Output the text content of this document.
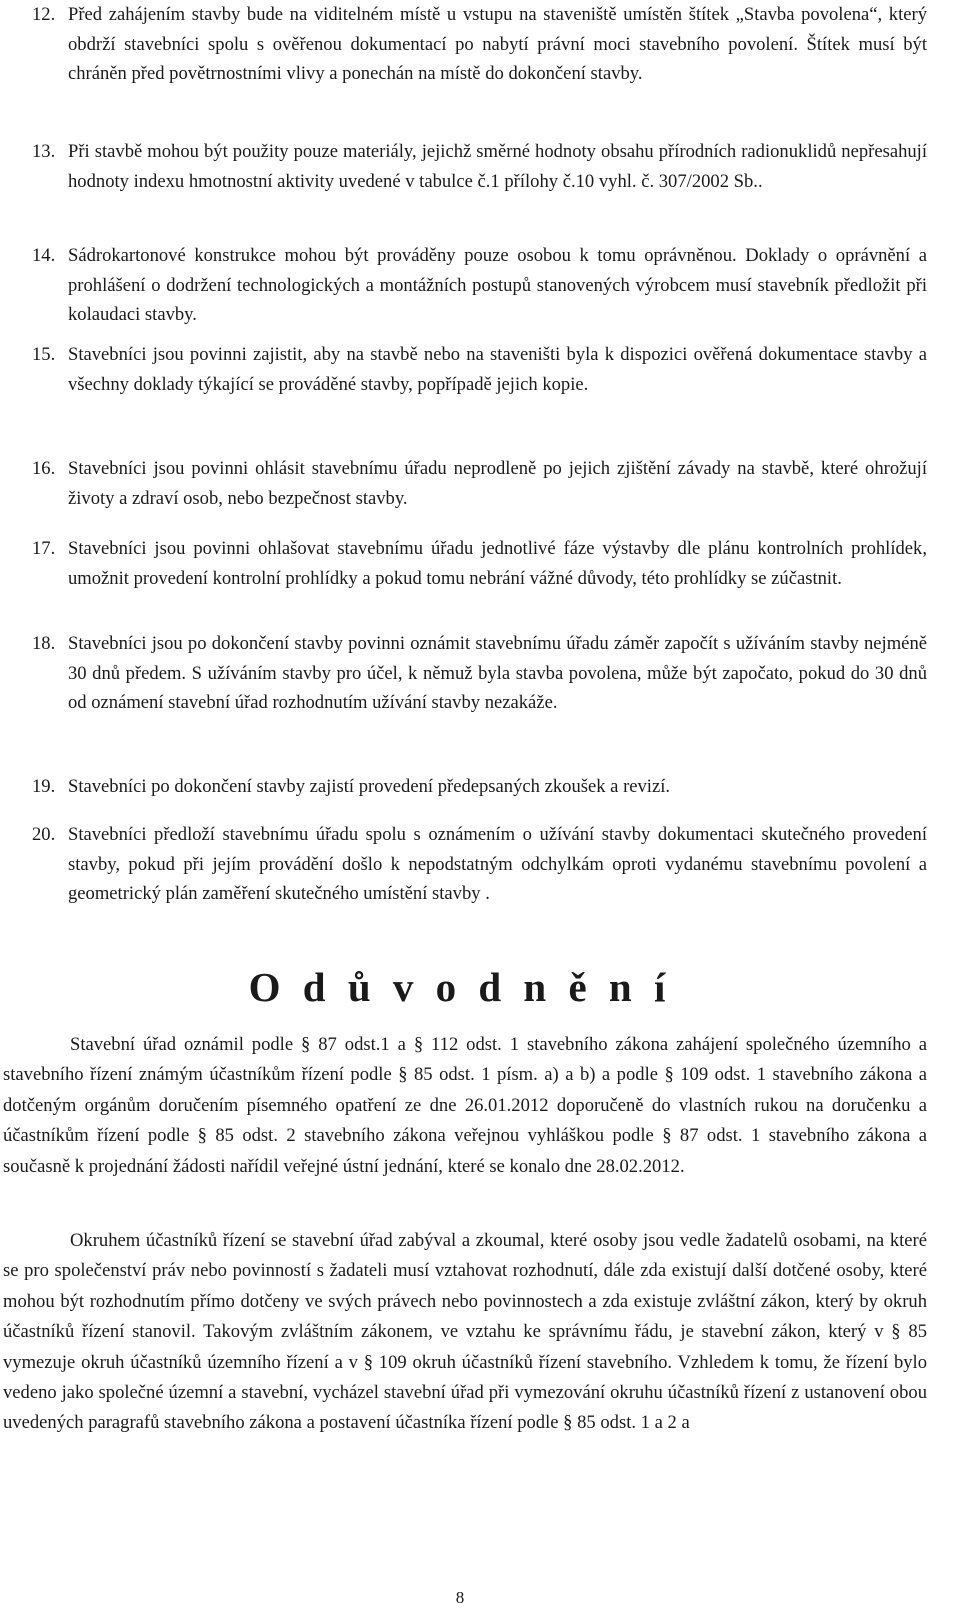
12. Před zahájením stavby bude na viditelném místě u vstupu na staveniště umístěn štítek „Stavba povolena“, který obdrží stavebníci spolu s ověřenou dokumentací po nabytí právní moci stavebního povolení. Štítek musí být chráněn před povětrnostními vlivy a ponechán na místě do dokončení stavby.
13. Při stavbě mohou být použity pouze materiály, jejichž směrné hodnoty obsahu přírodních radionuklidů nepřesahují hodnoty indexu hmotnostní aktivity uvedené v tabulce č.1 přílohy č.10 vyhl. č. 307/2002 Sb..
14. Sádrokartonové konstrukce mohou být prováděny pouze osobou k tomu oprávněnou. Doklady o oprávnění a prohlášení o dodržení technologických a montážních postupů stanovených výrobcem musí stavebník předložit při kolaudaci stavby.
15. Stavebníci jsou povinni zajistit, aby na stavbě nebo na staveništi byla k dispozici ověřená dokumentace stavby a všechny doklady týkající se prováděné stavby, popřípadě jejich kopie.
16. Stavebníci jsou povinni ohlásit stavebnímu úřadu neprodleně po jejich zjištění závady na stavbě, které ohrožují životy a zdraví osob, nebo bezpečnost stavby.
17. Stavebníci jsou povinni ohlašovat stavebnímu úřadu jednotlivé fáze výstavby dle plánu kontrolních prohlídek, umožnit provedení kontrolní prohlídky a pokud tomu nebrání vážné důvody, této prohlídky se zúčastnit.
18. Stavebníci jsou po dokončení stavby povinni oznámit stavebnímu úřadu záměr započít s užíváním stavby nejméně 30 dnů předem. S užíváním stavby pro účel, k němuž byla stavba povolena, může být započato, pokud do 30 dnů od oznámení stavební úřad rozhodnutím užívání stavby nezakáže.
19. Stavebníci po dokončení stavby zajistí provedení předepsaných zkoušek a revizí.
20. Stavebníci předloží stavebnímu úřadu spolu s oznámením o užívání stavby dokumentaci skutečného provedení stavby, pokud při jejím provádění došlo k nepodstatným odchylkám oproti vydanému stavebnímu povolení a geometrický plán zaměření skutečného umístění stavby .
O d ů v o d n ě n í
Stavební úřad oznámil podle § 87 odst.1 a § 112 odst. 1 stavebního zákona zahájení společného územního a stavebního řízení známým účastníkům řízení podle § 85 odst. 1 písm. a) a b) a podle § 109 odst. 1 stavebního zákona a dotčeným orgánům doručením písemného opatření ze dne 26.01.2012 doporučeně do vlastních rukou na doručenku a účastníkům řízení podle § 85 odst. 2 stavebního zákona veřejnou vyhláškou podle § 87 odst. 1 stavebního zákona a současně k projednání žádosti nařídil veřejné ústní jednání, které se konalo dne 28.02.2012.
Okruhem účastníků řízení se stavební úřad zabýval a zkoumal, které osoby jsou vedle žadatelů osobami, na které se pro společenství práv nebo povinností s žadateli musí vztahovat rozhodnutí, dále zda existují další dotčené osoby, které mohou být rozhodnutím přímo dotčeny ve svých právech nebo povinnostech a zda existuje zvláštní zákon, který by okruh účastníků řízení stanovil. Takovým zvláštním zákonem, ve vztahu ke správnímu řádu, je stavební zákon, který v § 85 vymezuje okruh účastníků územního řízení a v § 109 okruh účastníků řízení stavebního. Vzhledem k tomu, že řízení bylo vedeno jako společné územní a stavební, vycházel stavební úřad při vymezování okruhu účastníků řízení z ustanovení obou uvedených paragrafů stavebního zákona a postavení účastníka řízení podle § 85 odst. 1 a 2 a
8
